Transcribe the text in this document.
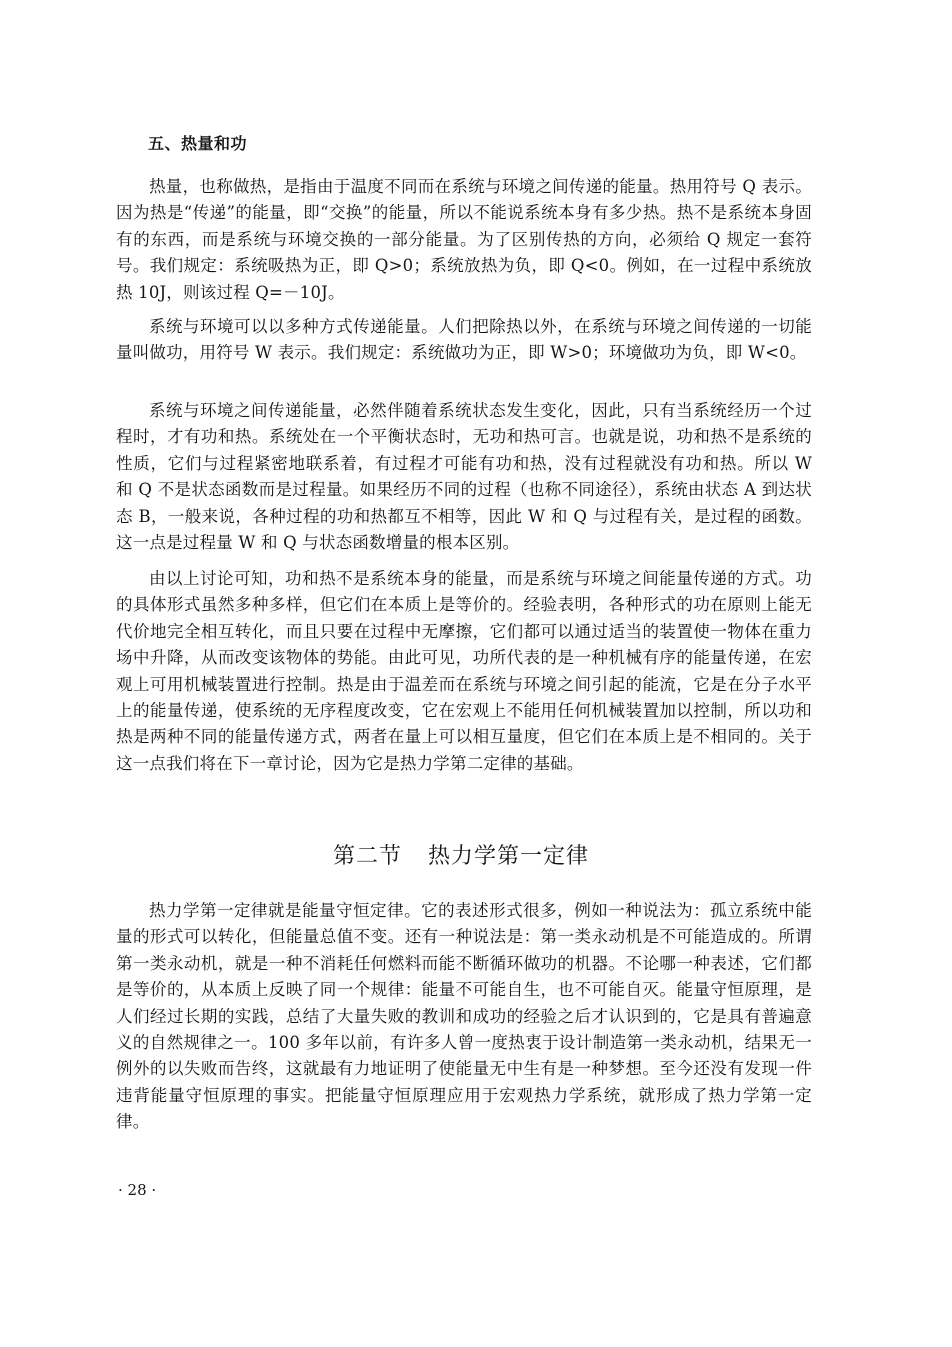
五、热量和功

热量，也称做热，是指由于温度不同而在系统与环境之间传递的能量。热用符号 Q 表示。因为热是“传递”的能量，即“交换”的能量，所以不能说系统本身有多少热。热不是系统本身固有的东西，而是系统与环境交换的一部分能量。为了区别传热的方向，必须给 Q 规定一套符号。我们规定：系统吸热为正，即 Q>0；系统放热为负，即 Q<0。例如，在一过程中系统放热 10J，则该过程 Q=－10J。

系统与环境可以以多种方式传递能量。人们把除热以外，在系统与环境之间传递的一切能量叫做功，用符号 W 表示。我们规定：系统做功为正，即 W>0；环境做功为负，即 W<0。

系统与环境之间传递能量，必然伴随着系统状态发生变化，因此，只有当系统经历一个过程时，才有功和热。系统处在一个平衡状态时，无功和热可言。也就是说，功和热不是系统的性质，它们与过程紧密地联系着，有过程才可能有功和热，没有过程就没有功和热。所以 W 和 Q 不是状态函数而是过程量。如果经历不同的过程（也称不同途径），系统由状态 A 到达状态 B，一般来说，各种过程的功和热都互不相等，因此 W 和 Q 与过程有关，是过程的函数。这一点是过程量 W 和 Q 与状态函数增量的根本区别。

由以上讨论可知，功和热不是系统本身的能量，而是系统与环境之间能量传递的方式。功的具体形式虽然多种多样，但它们在本质上是等价的。经验表明，各种形式的功在原则上能无代价地完全相互转化，而且只要在过程中无摩擦，它们都可以通过适当的装置使一物体在重力场中升降，从而改变该物体的势能。由此可见，功所代表的是一种机械有序的能量传递，在宏观上可用机械装置进行控制。热是由于温差而在系统与环境之间引起的能流，它是在分子水平上的能量传递，使系统的无序程度改变，它在宏观上不能用任何机械装置加以控制，所以功和热是两种不同的能量传递方式，两者在量上可以相互量度，但它们在本质上是不相同的。关于这一点我们将在下一章讨论，因为它是热力学第二定律的基础。

第二节 热力学第一定律

热力学第一定律就是能量守恒定律。它的表述形式很多，例如一种说法为：孤立系统中能量的形式可以转化，但能量总值不变。还有一种说法是：第一类永动机是不可能造成的。所谓第一类永动机，就是一种不消耗任何燃料而能不断循环做功的机器。不论哪一种表述，它们都是等价的，从本质上反映了同一个规律：能量不可能自生，也不可能自灭。能量守恒原理，是人们经过长期的实践，总结了大量失败的教训和成功的经验之后才认识到的，它是具有普遍意义的自然规律之一。100 多年以前，有许多人曾一度热衷于设计制造第一类永动机，结果无一例外的以失败而告终，这就最有力地证明了使能量无中生有是一种梦想。至今还没有发现一件违背能量守恒原理的事实。把能量守恒原理应用于宏观热力学系统，就形成了热力学第一定律。

· 28 ·
